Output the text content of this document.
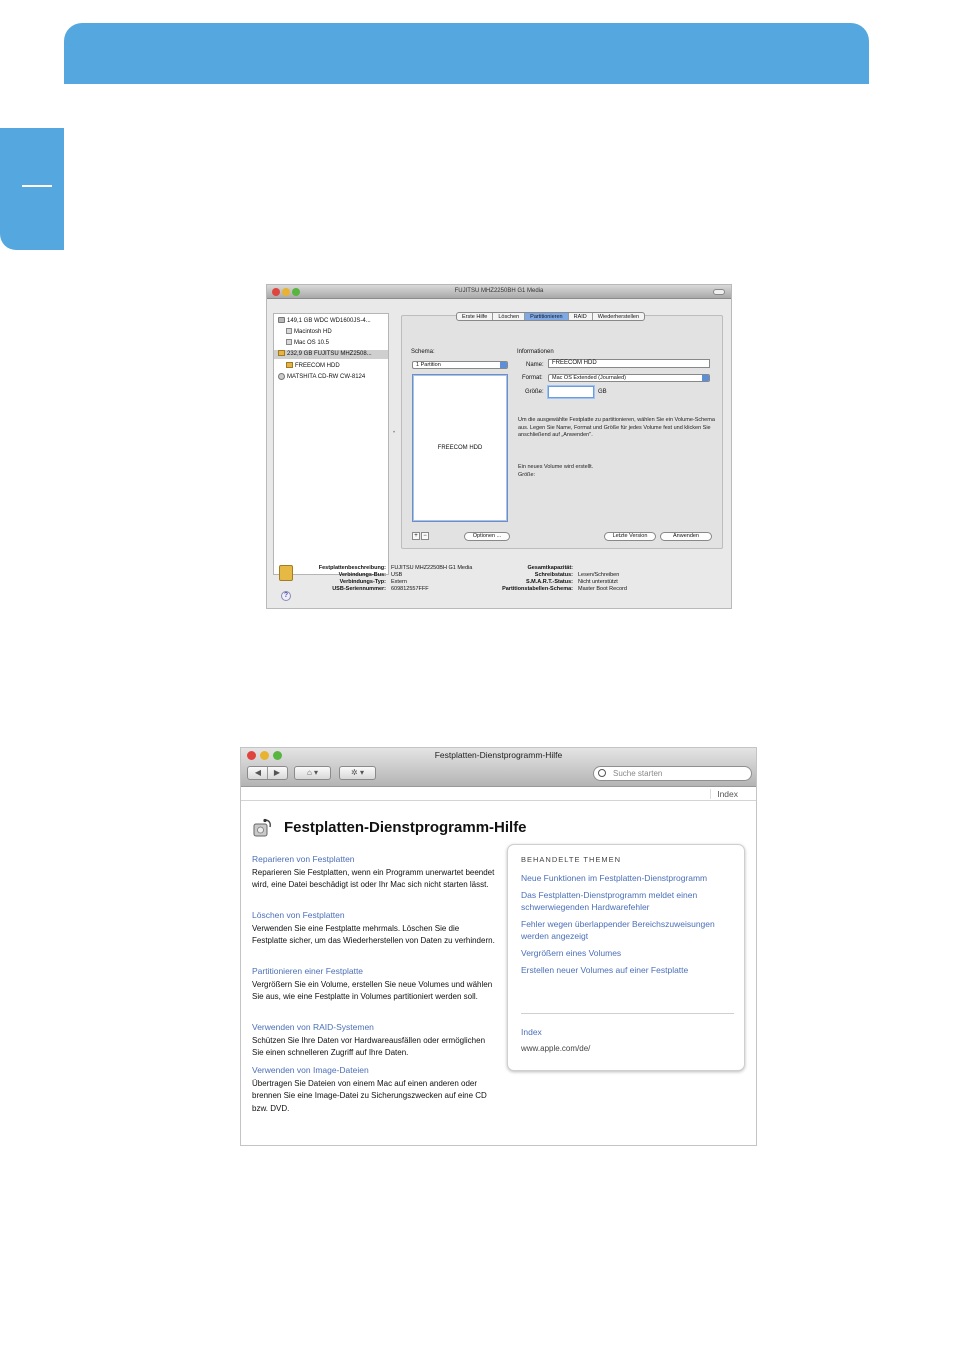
FUJITSU MHZ2250BH G1 Media
149,1 GB WDC WD1600JS-4...
Macintosh HD
Mac OS 10.5
232,9 GB FUJITSU MHZ2508...
FREECOM HDD
MATSHITA CD-RW CW-8124
•
Erste Hilfe	Löschen	Partitionieren	RAID	Wiederherstellen
Schema:
1 Partition
FREECOM HDD
Informationen
Name:	FREECOM HDD
Format:	Mac OS Extended (Journaled)
Größe:	GB
Um die ausgewählte Festplatte zu partitionieren, wählen Sie ein Volume-Schema aus. Legen Sie Name, Format und Größe für jedes Volume fest und klicken Sie anschließend auf „Anwenden".
Ein neues Volume wird erstellt.
Größe:
+ −	Optionen ...	Letzte Version	Anwenden
?
Festplattenbeschreibung: FUJITSU MHZ2250BH G1 Media
Verbindungs-Bus: USB
Verbindungs-Typ: Extern
USB-Seriennummer: 609812557FFF
Gesamtkapazität:
Schreibstatus: Lesen/Schreiben
S.M.A.R.T.-Status: Nicht unterstützt
Partitionstabellen-Schema: Master Boot Record
Festplatten-Dienstprogramm-Hilfe
◀ ▶	⌂ ▾	✲ ▾	Suche starten
Index
Festplatten-Dienstprogramm-Hilfe
Reparieren von Festplatten
Reparieren Sie Festplatten, wenn ein Programm unerwartet beendet wird, eine Datei beschädigt ist oder Ihr Mac sich nicht starten lässt.
Löschen von Festplatten
Verwenden Sie eine Festplatte mehrmals. Löschen Sie die Festplatte sicher, um das Wiederherstellen von Daten zu verhindern.
Partitionieren einer Festplatte
Vergrößern Sie ein Volume, erstellen Sie neue Volumes und wählen Sie aus, wie eine Festplatte in Volumes partitioniert werden soll.
Verwenden von RAID-Systemen
Schützen Sie Ihre Daten vor Hardwareausfällen oder ermöglichen Sie einen schnelleren Zugriff auf Ihre Daten.
Verwenden von Image-Dateien
Übertragen Sie Dateien von einem Mac auf einen anderen oder brennen Sie eine Image-Datei zu Sicherungszwecken auf eine CD bzw. DVD.
BEHANDELTE THEMEN
Neue Funktionen im Festplatten-Dienstprogramm
Das Festplatten-Dienstprogramm meldet einen schwerwiegenden Hardwarefehler
Fehler wegen überlappender Bereichszuweisungen werden angezeigt
Vergrößern eines Volumes
Erstellen neuer Volumes auf einer Festplatte
Index
www.apple.com/de/
